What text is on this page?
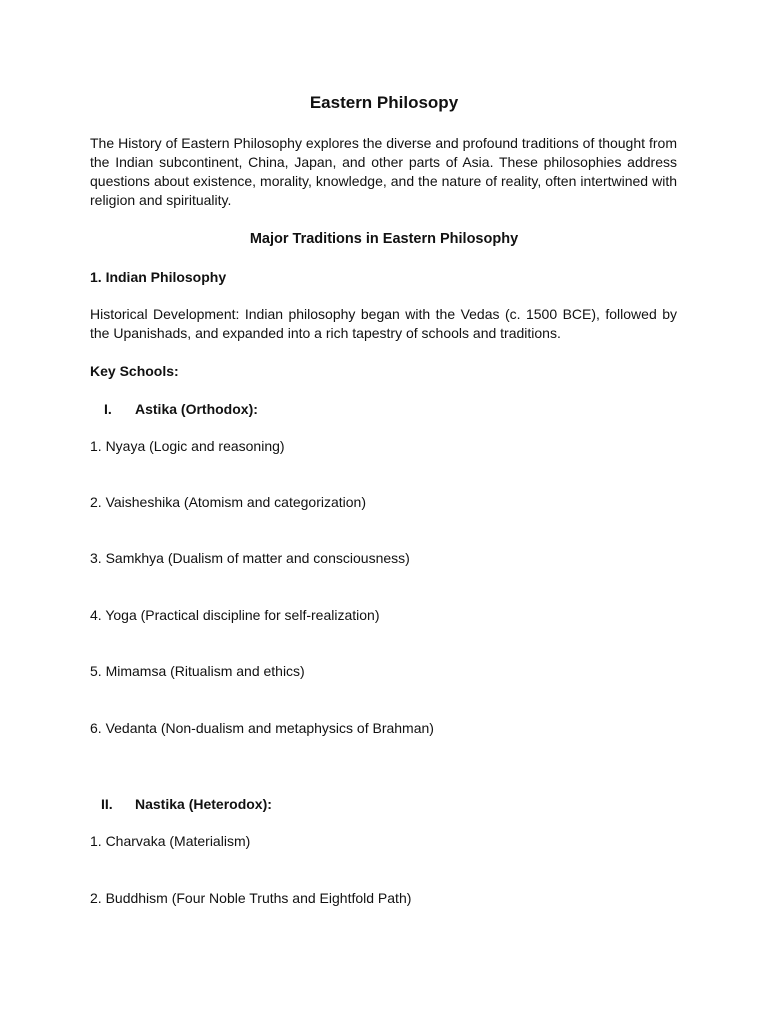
Eastern Philosopy

The History of Eastern Philosophy explores the diverse and profound traditions of thought from the Indian subcontinent, China, Japan, and other parts of Asia. These philosophies address questions about existence, morality, knowledge, and the nature of reality, often intertwined with religion and spirituality.

Major Traditions in Eastern Philosophy
1. Indian Philosophy

Historical Development: Indian philosophy began with the Vedas (c. 1500 BCE), followed by the Upanishads, and expanded into a rich tapestry of schools and traditions.

Key Schools:
I. Astika (Orthodox):
1. Nyaya (Logic and reasoning)
2. Vaisheshika (Atomism and categorization)
3. Samkhya (Dualism of matter and consciousness)
4. Yoga (Practical discipline for self-realization)
5. Mimamsa (Ritualism and ethics)
6. Vedanta (Non-dualism and metaphysics of Brahman)
II. Nastika (Heterodox):
1. Charvaka (Materialism)
2. Buddhism (Four Noble Truths and Eightfold Path)
